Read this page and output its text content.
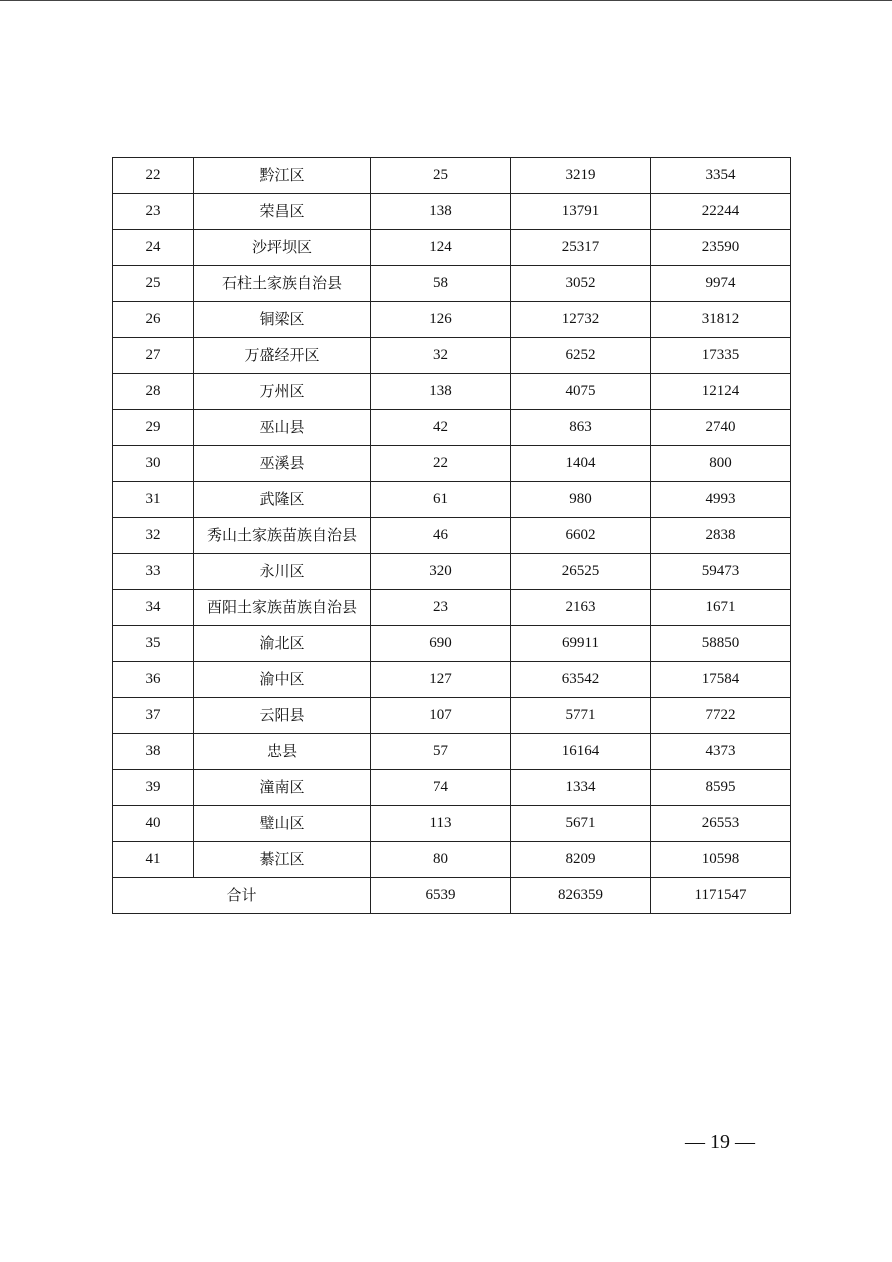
22	黔江区	25	3219	3354
23	荣昌区	138	13791	22244
24	沙坪坝区	124	25317	23590
25	石柱土家族自治县	58	3052	9974
26	铜梁区	126	12732	31812
27	万盛经开区	32	6252	17335
28	万州区	138	4075	12124
29	巫山县	42	863	2740
30	巫溪县	22	1404	800
31	武隆区	61	980	4993
32	秀山土家族苗族自治县	46	6602	2838
33	永川区	320	26525	59473
34	酉阳土家族苗族自治县	23	2163	1671
35	渝北区	690	69911	58850
36	渝中区	127	63542	17584
37	云阳县	107	5771	7722
38	忠县	57	16164	4373
39	潼南区	74	1334	8595
40	璧山区	113	5671	26553
41	綦江区	80	8209	10598
合计		6539	826359	1171547
— 19 —
